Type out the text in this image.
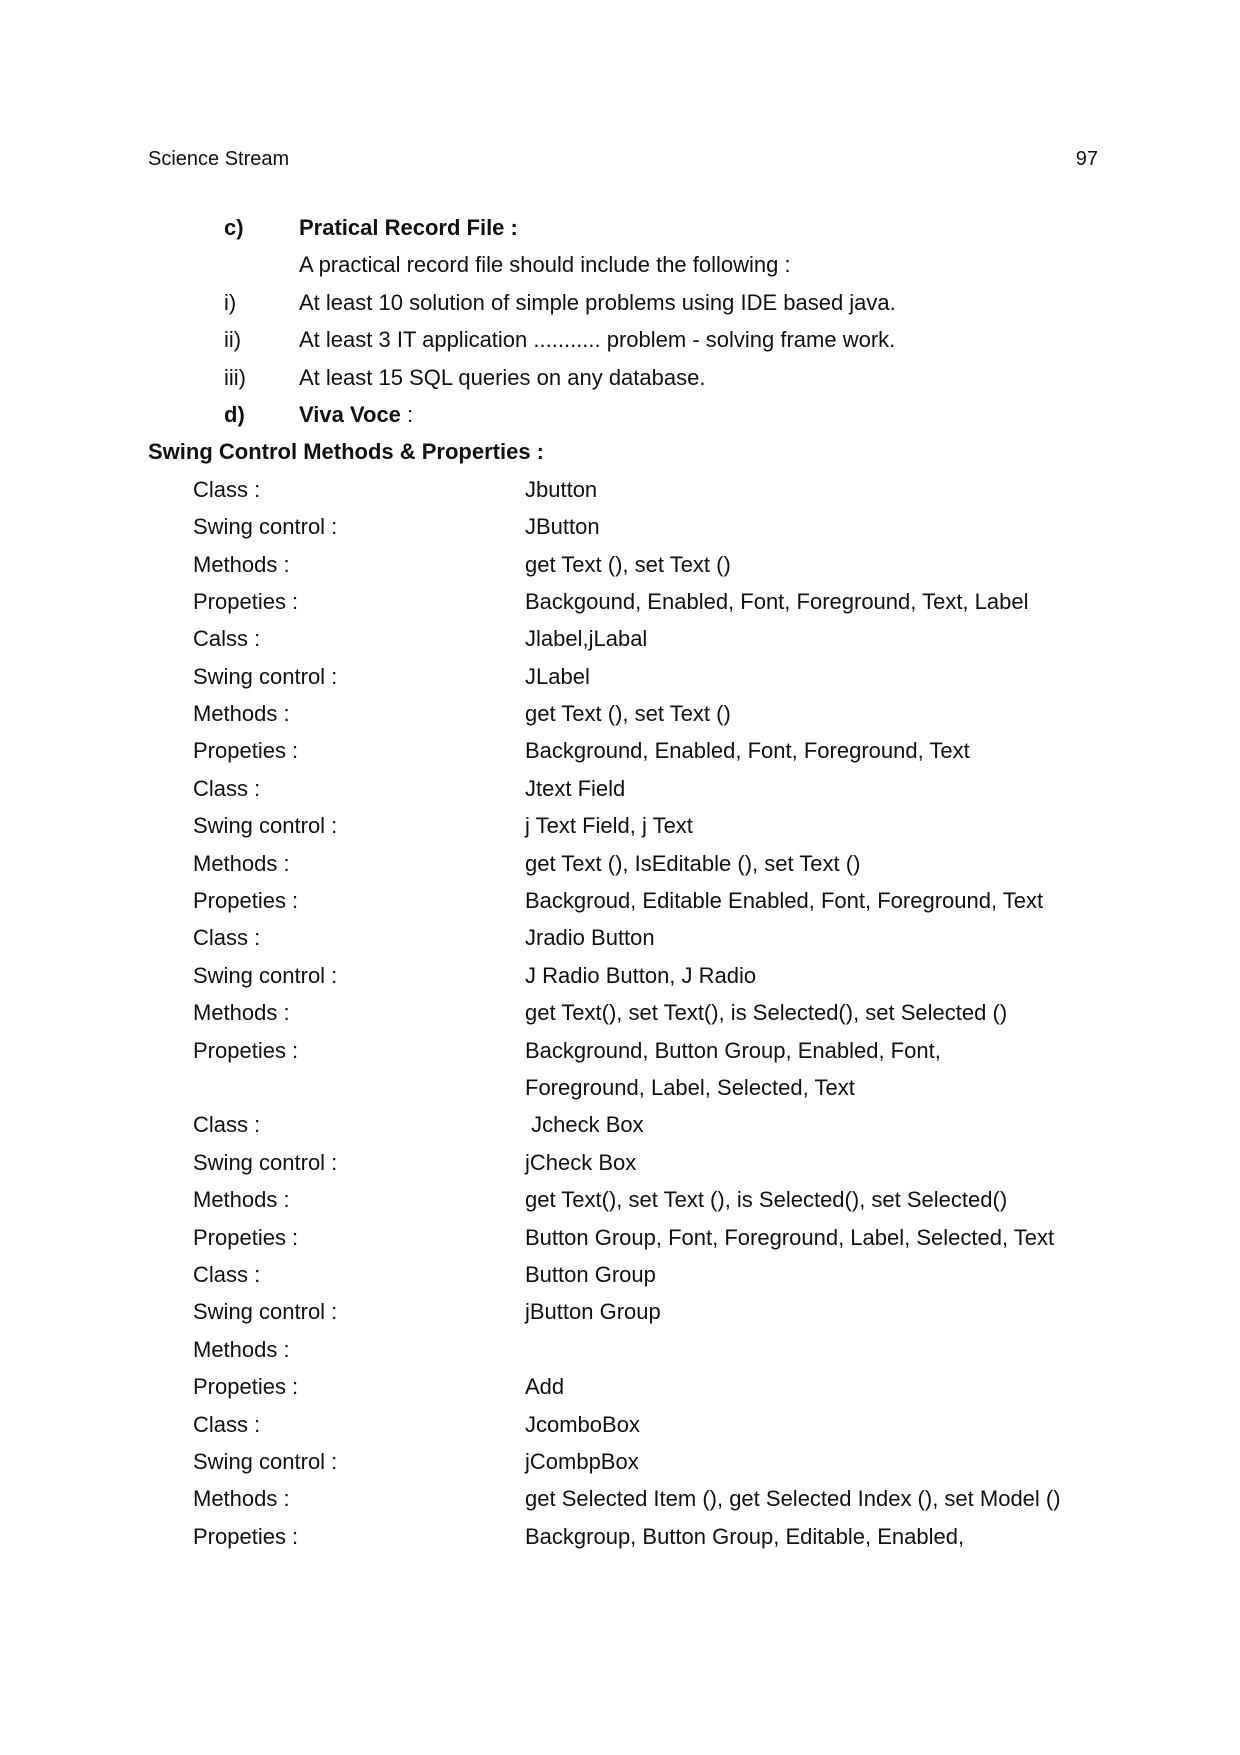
Science Stream	97
c)	Pratical Record File :
A practical record file should include the following :
i)	At least 10 solution of simple problems using IDE based java.
ii)	At least 3 IT application ........... problem - solving frame work.
iii) At least 15 SQL queries on any database.
d) Viva Voce :
Swing Control Methods & Properties :
Class :	Jbutton
Swing control :	JButton
Methods :	get Text (), set Text ()
Propeties :	Backgound, Enabled, Font, Foreground, Text, Label
Calss :	Jlabel,jLabal
Swing control :	JLabel
Methods :	get Text (), set Text ()
Propeties :	Background, Enabled, Font, Foreground, Text
Class :	Jtext Field
Swing control :	j Text Field, j Text
Methods :	get Text (), IsEditable (), set Text ()
Propeties :	Backgroud, Editable Enabled, Font, Foreground, Text
Class :	Jradio Button
Swing control :	J Radio Button, J Radio
Methods :	get Text(), set Text(), is Selected(), set Selected ()
Propeties :	Background, Button Group, Enabled, Font,
Foreground, Label, Selected, Text
Class :	Jcheck Box
Swing control :	jCheck Box
Methods :	get Text(), set Text (), is Selected(), set Selected()
Propeties :	Button Group, Font, Foreground, Label, Selected, Text
Class :	Button Group
Swing control :	jButton Group
Methods :
Propeties :	Add
Class :	JcomboBox
Swing control :	jCombpBox
Methods :	get Selected Item (), get Selected Index (), set Model ()
Propeties :	Backgroup, Button Group, Editable, Enabled,
